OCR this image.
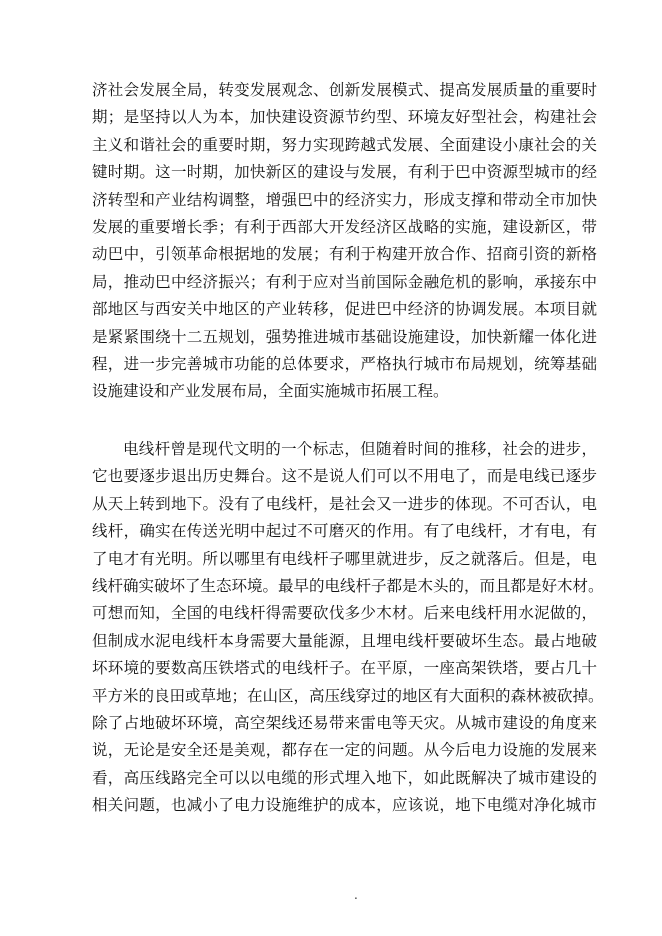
济社会发展全局，转变发展观念、创新发展模式、提高发展质量的重要时
期；是坚持以人为本，加快建设资源节约型、环境友好型社会，构建社会
主义和谐社会的重要时期，努力实现跨越式发展、全面建设小康社会的关
键时期。这一时期，加快新区的建设与发展，有利于巴中资源型城市的经
济转型和产业结构调整，增强巴中的经济实力，形成支撑和带动全市加快
发展的重要增长季；有利于西部大开发经济区战略的实施，建设新区，带
动巴中，引领革命根据地的发展；有利于构建开放合作、招商引资的新格
局，推动巴中经济振兴；有利于应对当前国际金融危机的影响，承接东中
部地区与西安关中地区的产业转移，促进巴中经济的协调发展。本项目就
是紧紧围绕十二五规划，强势推进城市基础设施建设，加快新耀一体化进
程，进一步完善城市功能的总体要求，严格执行城市布局规划，统筹基础
设施建设和产业发展布局，全面实施城市拓展工程。
电线杆曾是现代文明的一个标志，但随着时间的推移，社会的进步，
它也要逐步退出历史舞台。这不是说人们可以不用电了，而是电线已逐步
从天上转到地下。没有了电线杆，是社会又一进步的体现。不可否认，电
线杆，确实在传送光明中起过不可磨灭的作用。有了电线杆，才有电，有
了电才有光明。所以哪里有电线杆子哪里就进步，反之就落后。但是，电
线杆确实破坏了生态环境。最早的电线杆子都是木头的，而且都是好木材。
可想而知，全国的电线杆得需要砍伐多少木材。后来电线杆用水泥做的，
但制成水泥电线杆本身需要大量能源，且埋电线杆要破坏生态。最占地破
坏环境的要数高压铁塔式的电线杆子。在平原，一座高架铁塔，要占几十
平方米的良田或草地；在山区，高压线穿过的地区有大面积的森林被砍掉。
除了占地破坏环境，高空架线还易带来雷电等天灾。从城市建设的角度来
说，无论是安全还是美观，都存在一定的问题。从今后电力设施的发展来
看，高压线路完全可以以电缆的形式埋入地下，如此既解决了城市建设的
相关问题，也减小了电力设施维护的成本，应该说，地下电缆对净化城市
.
